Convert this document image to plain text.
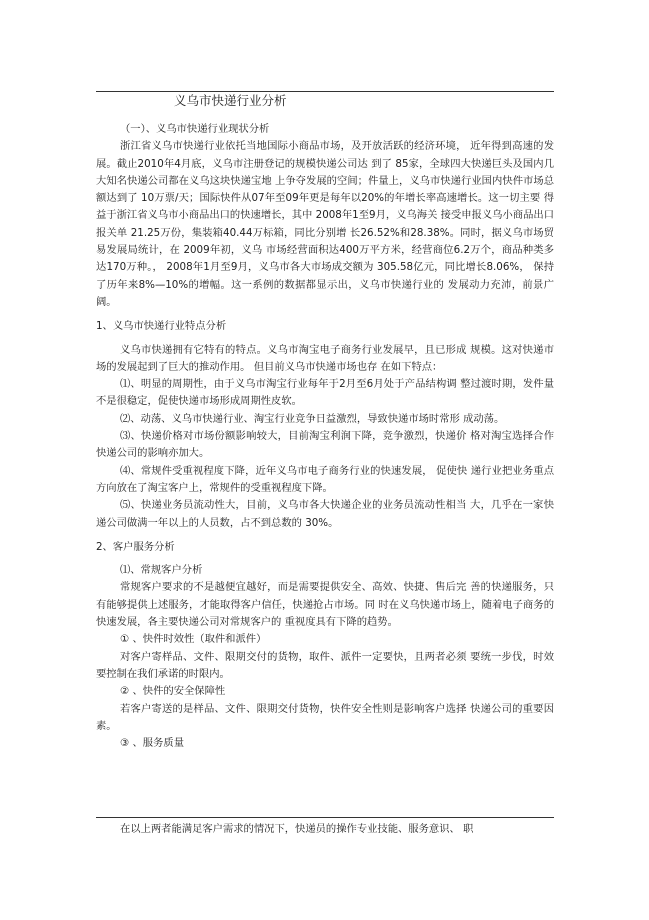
义乌市快递行业分析

（一）、义乌市快递行业现状分析

浙江省义乌市快递行业依托当地国际小商品市场，及开放活跃的经济环境， 近年得到高速的发展。截止2010年4月底，义乌市注册登记的规模快递公司达 到了 85家，全球四大快递巨头及国内几大知名快递公司都在义乌这块快递宝地 上争夺发展的空间；件量上，义乌市快递行业国内快件市场总额达到了 10万票/天；国际快件从07年至09年更是每年以20%的年增长率高速增长。这一切主要 得益于浙江省义乌市小商品出口的快速增长，其中 2008年1至9月，义乌海关 接受申报义乌小商品出口报关单 21.25万份，集装箱40.44万标箱，同比分别增 长26.52%和28.38%。同时，据义乌市场贸易发展局统计，在 2009年初，义乌 市场经营面积达400万平方米，经营商位6.2万个，商品种类多达170万种。， 2008年1月至9月，义乌市各大市场成交额为 305.58亿元，同比增长8.06%， 保持了历年来8%—10%的增幅。这一系例的数据都显示出，义乌市快递行业的 发展动力充沛，前景广阔。

1、义乌市快递行业特点分析

义乌市快递拥有它特有的特点。义乌市淘宝电子商务行业发展早，且已形成 规模。这对快递市场的发展起到了巨大的推动作用。 但目前义乌市快递市场也存 在如下特点：

⑴、明显的周期性，由于义乌市淘宝行业每年于2月至6月处于产品结构调 整过渡时期，发件量不是很稳定，促使快递市场形成周期性皮软。

⑵、动荡、义乌市快递行业、淘宝行业竞争日益激烈，导致快递市场时常形 成动荡。

⑶、快递价格对市场份额影响较大，目前淘宝利润下降，竞争激烈，快递价 格对淘宝选择合作快递公司的影响亦加大。

⑷、常规件受重视程度下降，近年义乌市电子商务行业的快速发展， 促使快 递行业把业务重点方向放在了淘宝客户上，常规件的受重视程度下降。

⑸、快递业务员流动性大，目前，义乌市各大快递企业的业务员流动性相当 大，几乎在一家快递公司做满一年以上的人员数，占不到总数的 30%。

2、客户服务分析

⑴、常规客户分析

常规客户要求的不是越便宜越好，而是需要提供安全、高效、快捷、售后完 善的快递服务，只有能够提供上述服务，才能取得客户信任，快递抢占市场。同 时在义乌快递市场上，随着电子商务的快速发展，各主要快递公司对常规客户的 重视度具有下降的趋势。

① 、快件时效性（取件和派件）

对客户寄样品、文件、限期交付的货物，取件、派件一定要快，且两者必须 要统一步伐，时效要控制在我们承诺的时限内。

② 、快件的安全保障性

若客户寄送的是样品、文件、限期交付货物，快件安全性则是影响客户选择 快递公司的重要因素。

③ 、服务质量

在以上两者能满足客户需求的情况下，快递员的操作专业技能、服务意识、 职
